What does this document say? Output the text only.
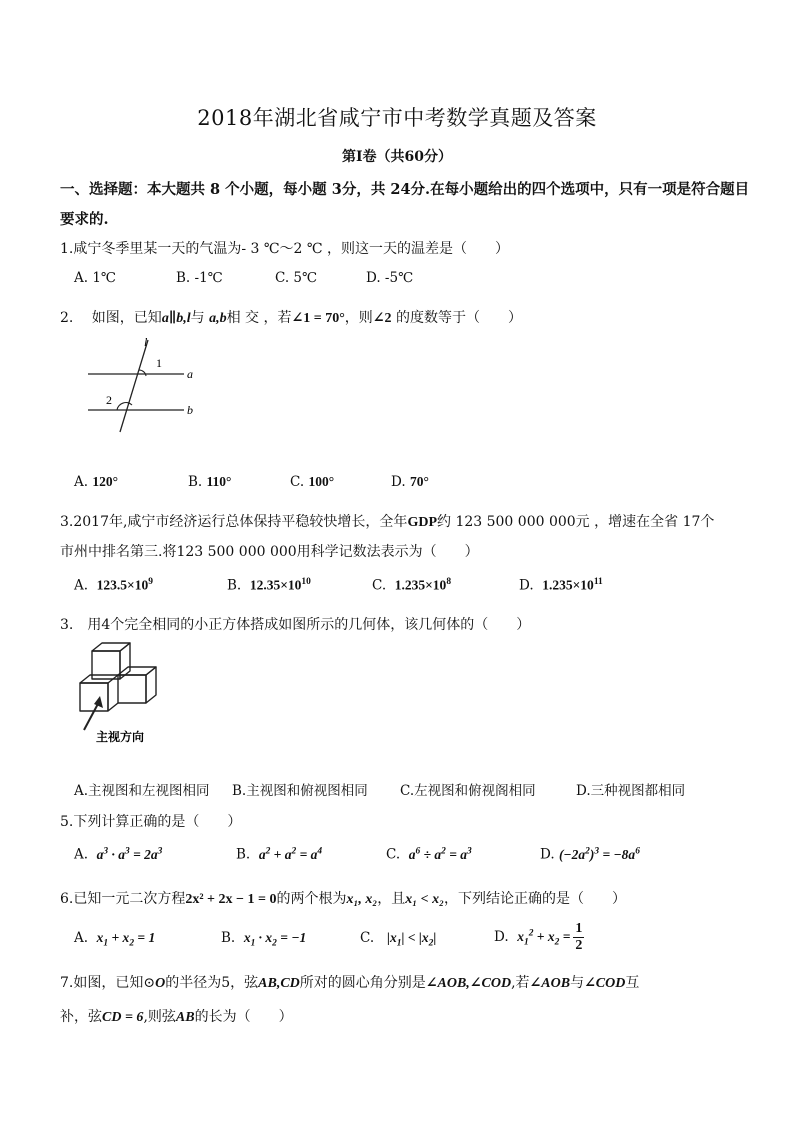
2018年湖北省咸宁市中考数学真题及答案
第Ⅰ卷（共60分）
一、选择题：本大题共 8 个小题，每小题 3分，共 24分.在每小题给出的四个选项中，只有一项是符合题目
要求的.
1.咸宁冬季里某一天的气温为- 3 ℃～2 ℃ ，则这一天的温差是（　　）
A. 1℃	B. -1℃	C. 5℃	D. -5℃
2.　 如图，已知a∥b,l与 a,b相 交 ，若∠1 = 70°，则∠2 的度数等于（　　）
l
1
2
a
b
A. 120°	B. 110°	C. 100°	D. 70°
3.2017年,咸宁市经济运行总体保持平稳较快增长，全年GDP约 123 500 000 000元 ，增速在全省 17个
市州中排名第三.将123 500 000 000用科学记数法表示为（　　）
A. $123.5\times 10^9$	B. $12.35\times 10^{10}$	C. $1.235\times 10^8$	D. $1.235\times 10^{11}$
3.　用4个完全相同的小正方体搭成如图所示的几何体，该几何体的（　　）
主视方向
A.主视图和左视图相同 B.主视图和俯视图相同 C.左视图和俯视阁相同	D.三种视图都相同
5.下列计算正确的是（　　）
A. $a^3 \cdot a^3 = 2a^3$	B. $a^2 + a^2 = a^4$	C. $a^6 \div a^2 = a^3$	D. $(-2a^2)^3 = -8a^6$
6.已知一元二次方程2x² + 2x − 1 = 0的两个根为x₁, x₂，且x₁ < x₂，下列结论正确的是（　　）
A. $x_1 + x_2 = 1$	B. $x_1 \cdot x_2 = -1$	C. $|x_1| < |x_2|$	D. $x_1^2 + x_2 = \frac{1}{2}$
7.如图，已知⊙O的半径为5，弦AB,CD所对的圆心角分别是∠AOB,∠COD,若∠AOB与∠COD互
补，弦CD = 6,则弦AB的长为（　　）
